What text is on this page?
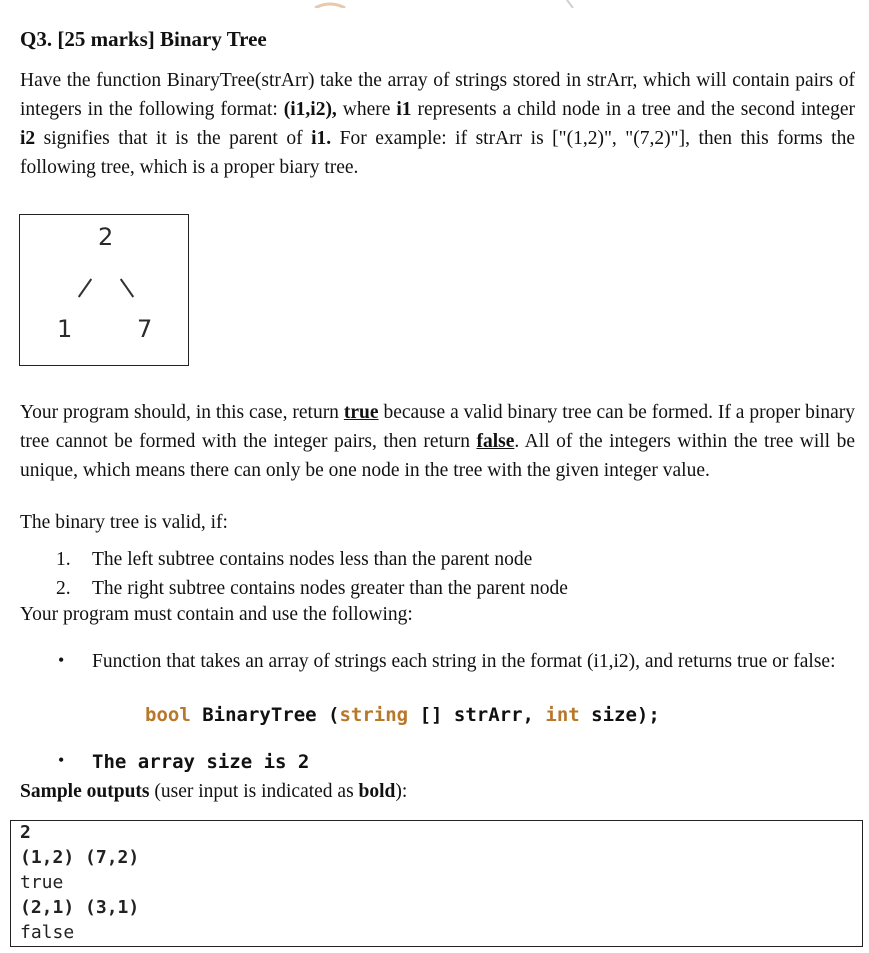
Q3. [25 marks] Binary Tree

Have the function BinaryTree(strArr) take the array of strings stored in strArr, which will contain pairs of integers in the following format: (i1,i2), where i1 represents a child node in a tree and the second integer i2 signifies that it is the parent of i1. For example: if strArr is ["(1,2)", "(7,2)"], then this forms the following tree, which is a proper biary tree.

2
1	7

Your program should, in this case, return true because a valid binary tree can be formed. If a proper binary tree cannot be formed with the integer pairs, then return false. All of the integers within the tree will be unique, which means there can only be one node in the tree with the given integer value.

The binary tree is valid, if:
1. The left subtree contains nodes less than the parent node
2. The right subtree contains nodes greater than the parent node
Your program must contain and use the following:
• Function that takes an array of strings each string in the format (i1,i2), and returns true or false:
bool BinaryTree (string [] strArr, int size);
• The array size is 2
Sample outputs (user input is indicated as bold):
2
(1,2) (7,2)
true
(2,1) (3,1)
false
